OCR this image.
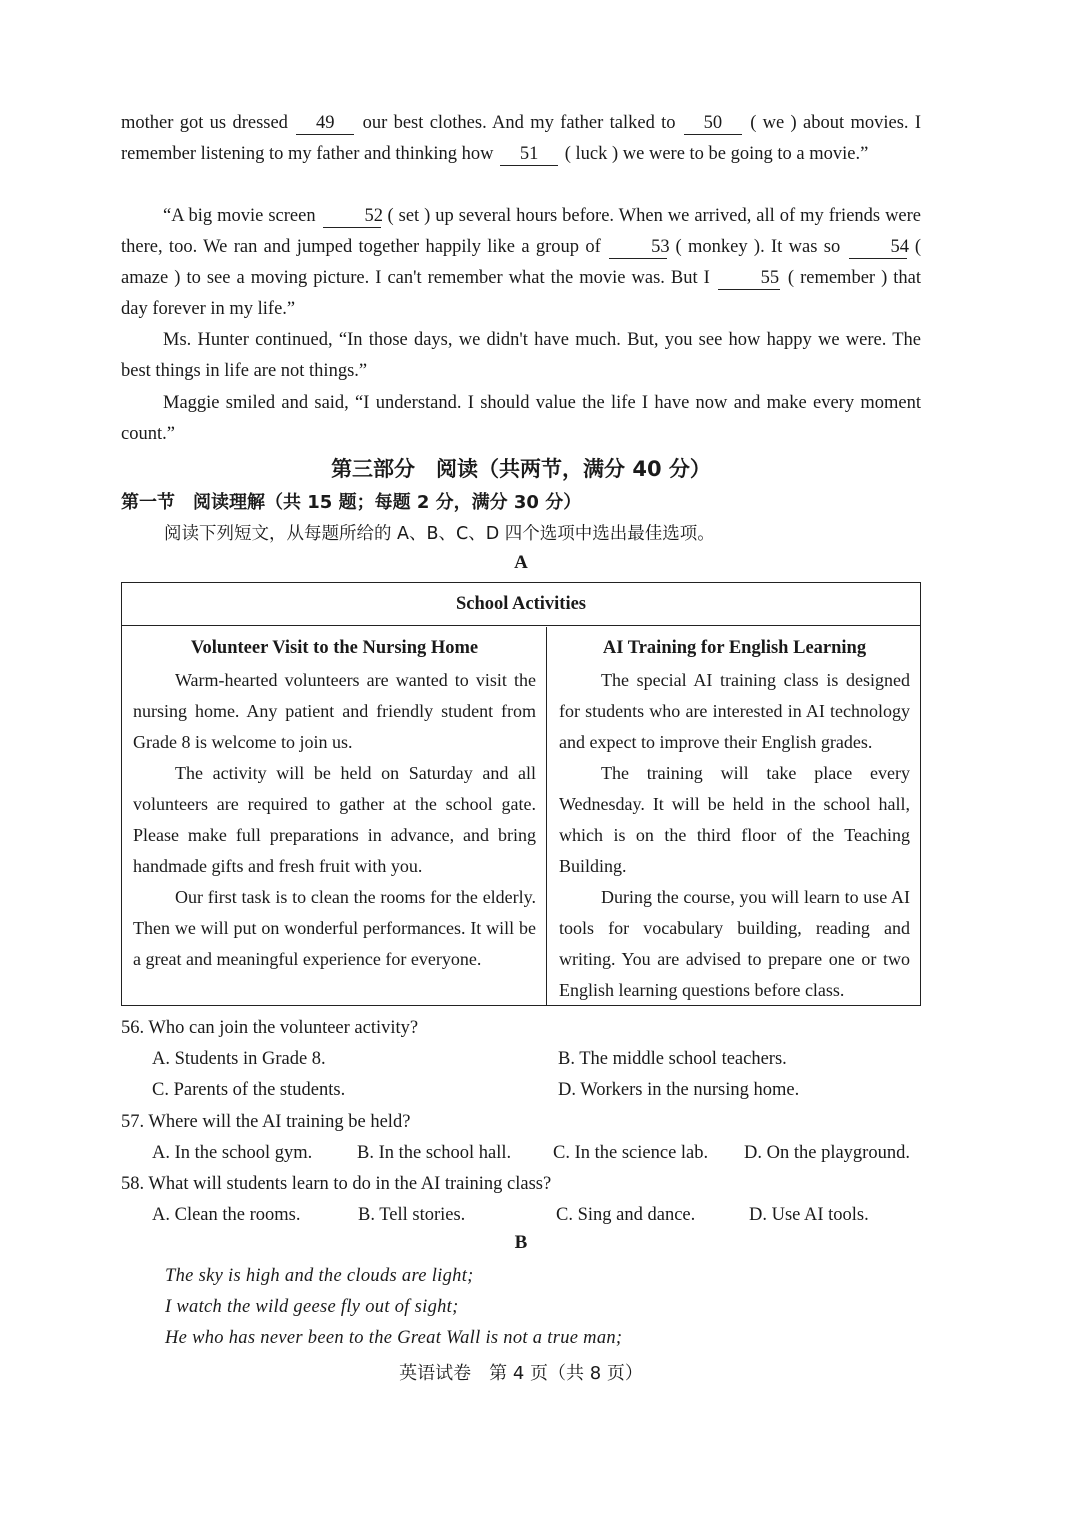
mother got us dressed 49 our best clothes. And my father talked to 50 ( we ) about movies. I remember listening to my father and thinking how 51 ( luck ) we were to be going to a movie.”

“A big movie screen	52 ( set ) up several hours before. When we arrived, all of my friends were there, too. We ran and jumped together happily like a group of	53 ( monkey ). It was so	54 ( amaze ) to see a moving picture. I can't remember what the movie was. But I	55 ( remember ) that day forever in my life.”

Ms. Hunter continued, “In those days, we didn't have much. But, you see how happy we were. The best things in life are not things.”

Maggie smiled and said, “I understand. I should value the life I have now and make every moment count.”

第三部分　阅读（共两节，满分 40 分）
第一节　阅读理解（共 15 题；每题 2 分，满分 30 分）
阅读下列短文，从每题所给的 A、B、C、D 四个选项中选出最佳选项。
A
School Activities
Volunteer Visit to the Nursing Home

Warm-hearted volunteers are wanted to visit the nursing home. Any patient and friendly student from Grade 8 is welcome to join us.

The activity will be held on Saturday and all volunteers are required to gather at the school gate. Please make full preparations in advance, and bring handmade gifts and fresh fruit with you.

Our first task is to clean the rooms for the elderly. Then we will put on wonderful performances. It will be a great and meaningful experience for everyone.

AI Training for English Learning

The special AI training class is designed for students who are interested in AI technology and expect to improve their English grades.

The training will take place every Wednesday. It will be held in the school hall, which is on the third floor of the Teaching Building.

During the course, you will learn to use AI tools for vocabulary building, reading and writing. You are advised to prepare one or two English learning questions before class.

56. Who can join the volunteer activity?
A. Students in Grade 8.	B. The middle school teachers.
C. Parents of the students.	D. Workers in the nursing home.
57. Where will the AI training be held?
A. In the school gym. B. In the school hall. C. In the science lab. D. On the playground.
58. What will students learn to do in the AI training class?
A. Clean the rooms.	B. Tell stories.	C. Sing and dance.	D. Use AI tools.
B
The sky is high and the clouds are light;
I watch the wild geese fly out of sight;
He who has never been to the Great Wall is not a true man;
英语试卷　第 4 页（共 8 页）
